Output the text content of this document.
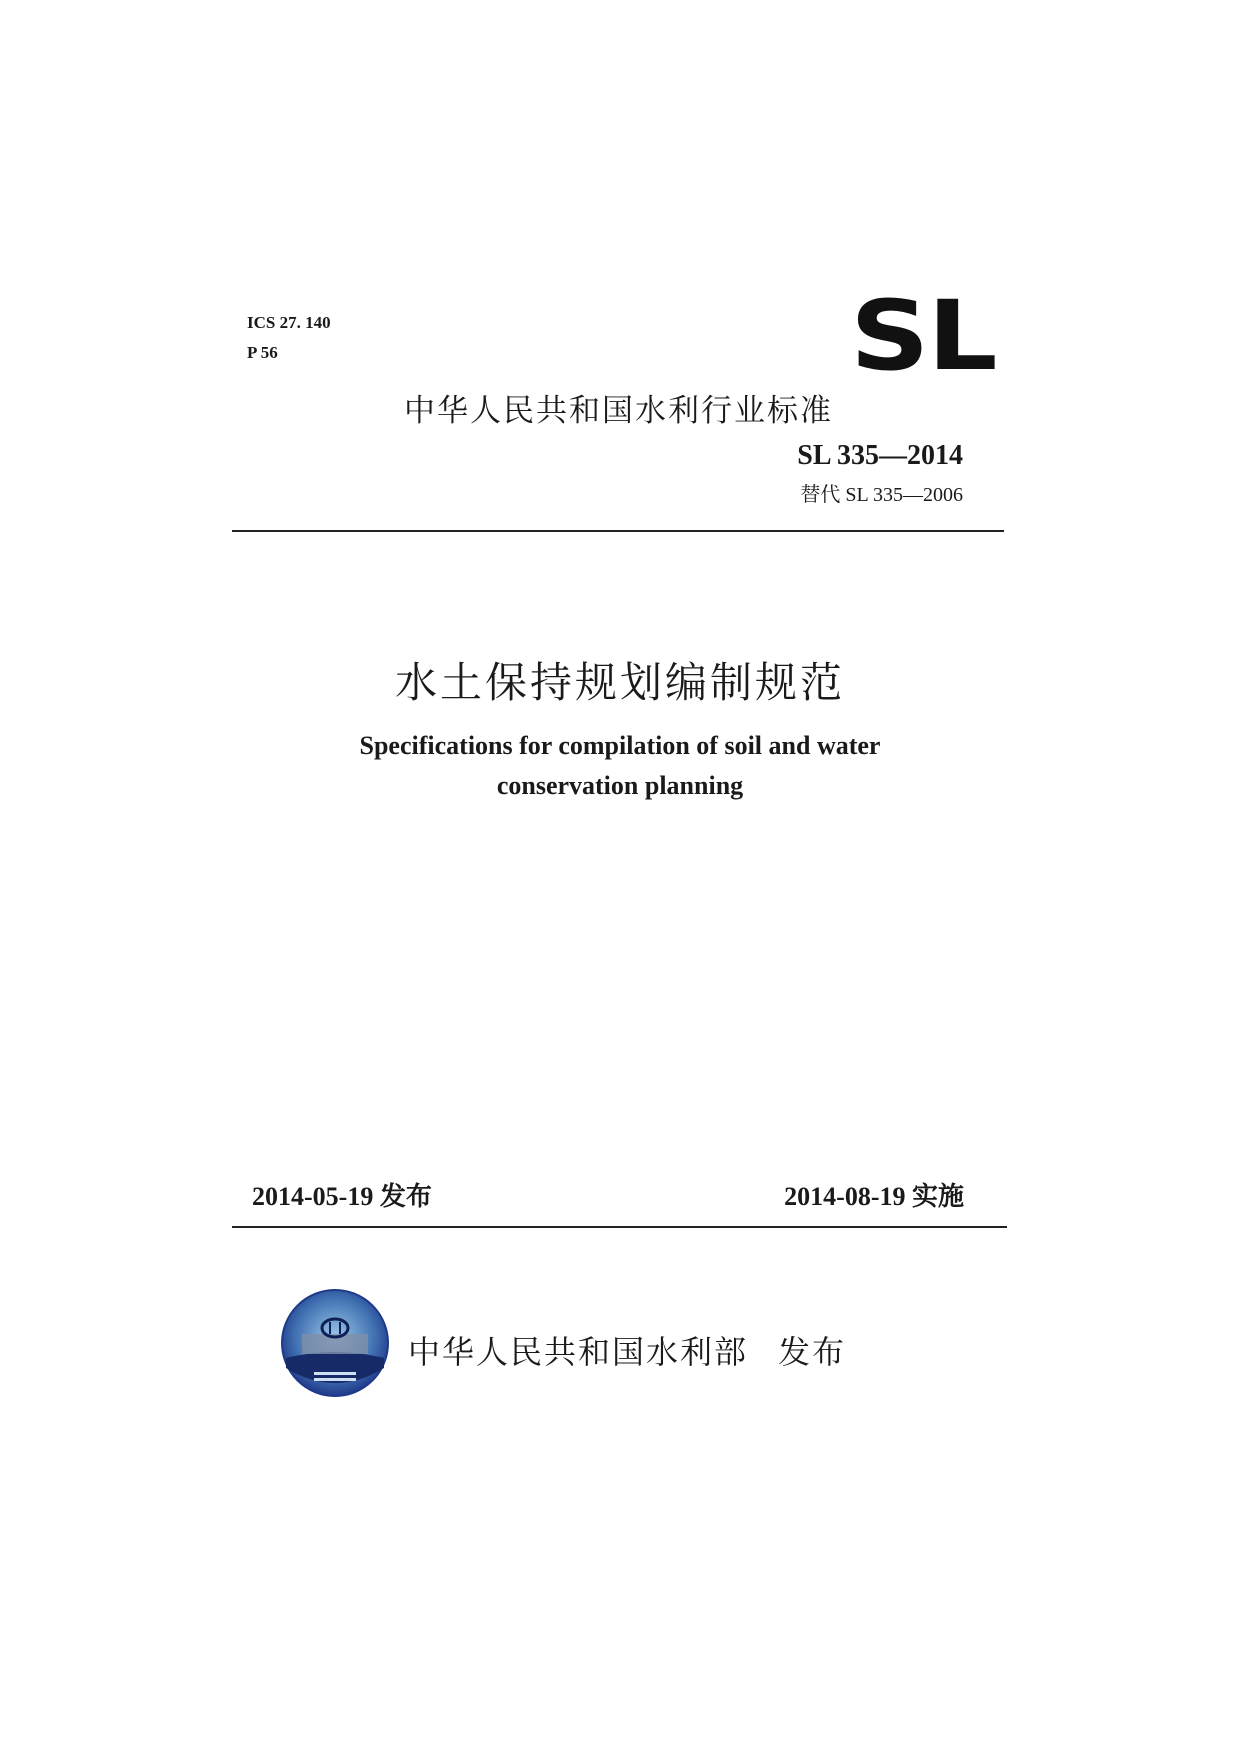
ICS 27. 140
P 56	SL
中华人民共和国水利行业标准
SL 335—2014
替代 SL 335—2006
水土保持规划编制规范
Specifications for compilation of soil and water
conservation planning
2014-05-19 发布	2014-08-19 实施
中华人民共和国水利部 发布
